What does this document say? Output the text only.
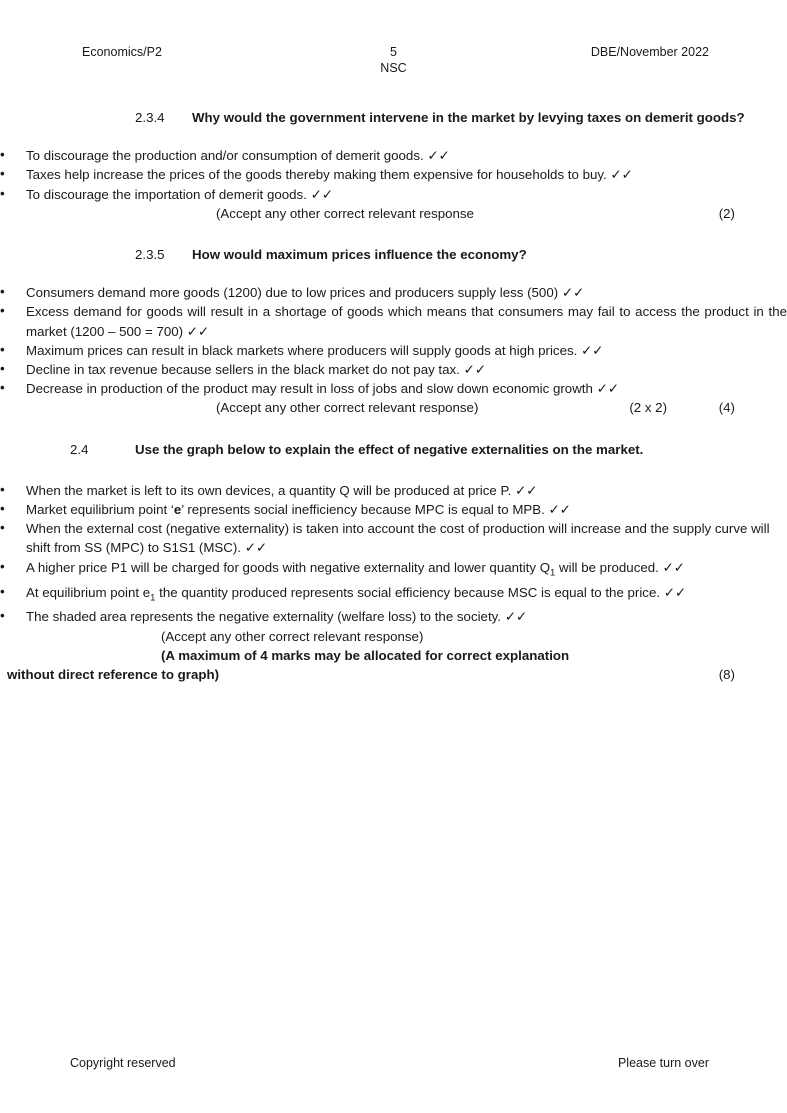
Economics/P2	5
NSC
DBE/November 2022
2.3.4 Why would the government intervene in the market by levying taxes on demerit goods?
• To discourage the production and/or consumption of demerit goods. ✓✓
• Taxes help increase the prices of the goods thereby making them expensive for households to buy. ✓✓
• To discourage the importation of demerit goods. ✓✓
(Accept any other correct relevant response	(2)
2.3.5 How would maximum prices influence the economy?
• Consumers demand more goods (1200) due to low prices and producers supply less (500) ✓✓
• Excess demand for goods will result in a shortage of goods which means that consumers may fail to access the product in the market (1200 – 500 = 700) ✓✓
• Maximum prices can result in black markets where producers will supply goods at high prices. ✓✓
• Decline in tax revenue because sellers in the black market do not pay tax. ✓✓
• Decrease in production of the product may result in loss of jobs and slow down economic growth ✓✓
(Accept any other correct relevant response)	(2 x 2)	(4)
2.4	Use the graph below to explain the effect of negative externalities on the market.
• When the market is left to its own devices, a quantity Q will be produced at price P. ✓✓
• Market equilibrium point ‘e’ represents social inefficiency because MPC is equal to MPB. ✓✓
• When the external cost (negative externality) is taken into account the cost of production will increase and the supply curve will shift from SS (MPC) to S1S1 (MSC). ✓✓
• A higher price P1 will be charged for goods with negative externality and lower quantity $Q_1$ will be produced. ✓✓
• At equilibrium point $e_1$ the quantity produced represents social efficiency because MSC is equal to the price. ✓✓
• The shaded area represents the negative externality (welfare loss) to the society. ✓✓
(Accept any other correct relevant response)
(A maximum of 4 marks may be allocated for correct explanation
without direct reference to graph)	(8)
Copyright reserved	Please turn over
